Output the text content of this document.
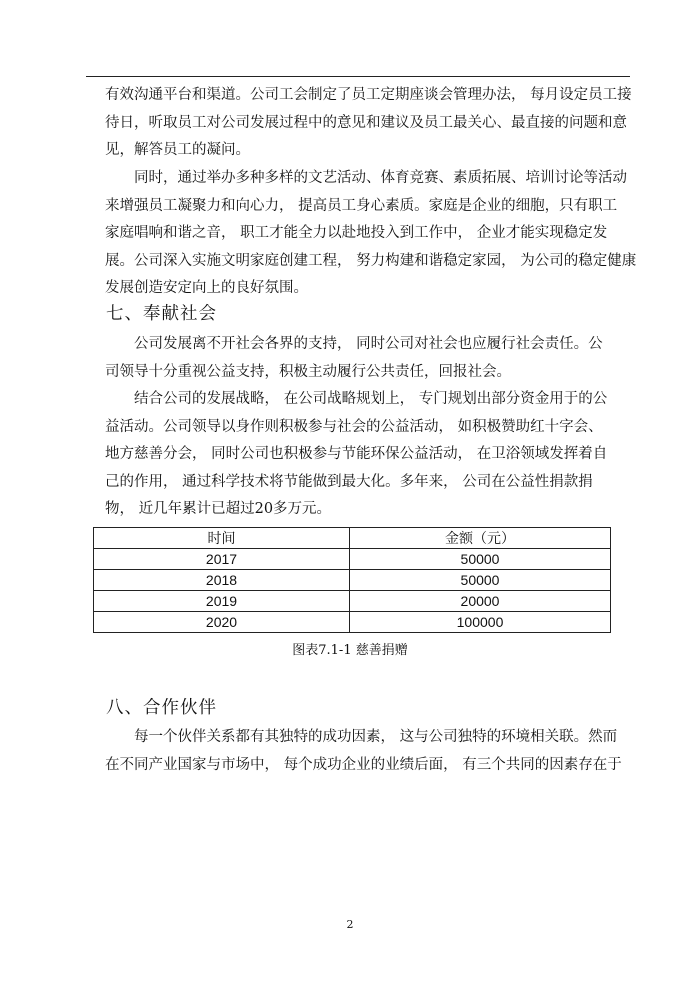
有效沟通平台和渠道。公司工会制定了员工定期座谈会管理办法， 每月设定员工接
待日，听取员工对公司发展过程中的意见和建议及员工最关心、最直接的问题和意
见，解答员工的凝问。

同时，通过举办多种多样的文艺活动、体育竞赛、素质拓展、培训讨论等活动
来增强员工凝聚力和向心力， 提高员工身心素质。家庭是企业的细胞，只有职工
家庭唱响和谐之音， 职工才能全力以赴地投入到工作中， 企业才能实现稳定发
展。公司深入实施文明家庭创建工程， 努力构建和谐稳定家园， 为公司的稳定健康
发展创造安定向上的良好氛围。

七、奉献社会

公司发展离不开社会各界的支持， 同时公司对社会也应履行社会责任。公
司领导十分重视公益支持，积极主动履行公共责任，回报社会。

结合公司的发展战略， 在公司战略规划上， 专门规划出部分资金用于的公
益活动。公司领导以身作则积极参与社会的公益活动， 如积极赞助红十字会、
地方慈善分会， 同时公司也积极参与节能环保公益活动， 在卫浴领域发挥着自
己的作用， 通过科学技术将节能做到最大化。多年来， 公司在公益性捐款捐
物， 近几年累计已超过20多万元。

时间	金额（元）
2017	50000
2018	50000
2019	20000
2020	100000
图表7.1-1 慈善捐赠
八、合作伙伴

每一个伙伴关系都有其独特的成功因素， 这与公司独特的环境相关联。然而
在不同产业国家与市场中， 每个成功企业的业绩后面， 有三个共同的因素存在于

2
